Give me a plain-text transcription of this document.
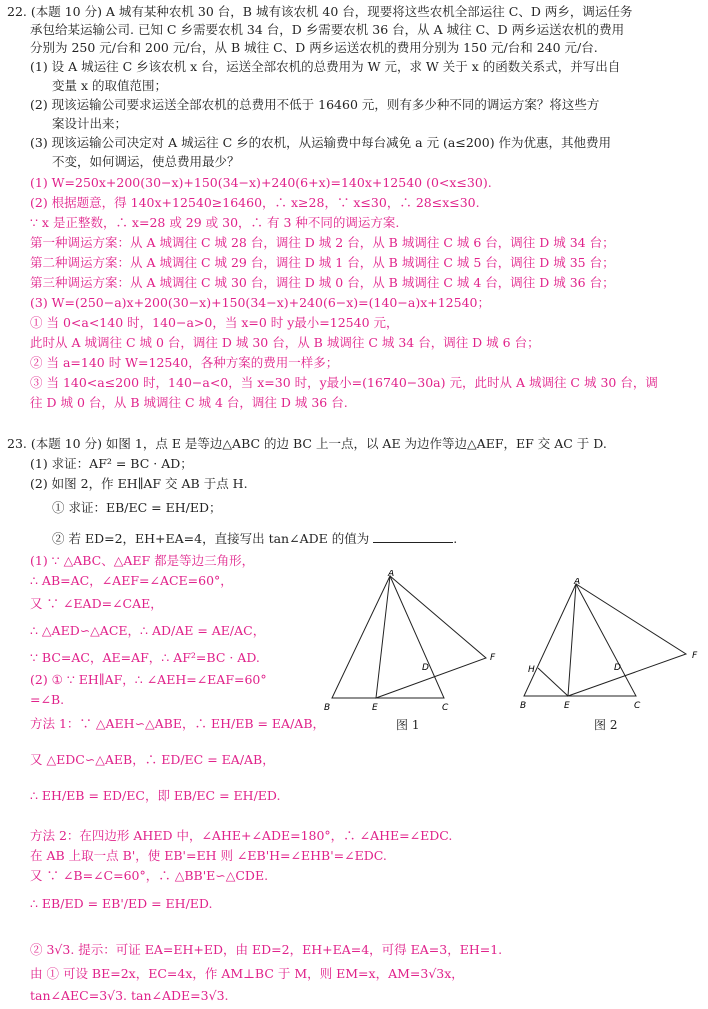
22. (本题 10 分) A 城有某种农机 30 台，B 城有该农机 40 台，现要将这些农机全部运往 C、D 两乡，调运任务
承包给某运输公司. 已知 C 乡需要农机 34 台，D 乡需要农机 36 台，从 A 城往 C、D 两乡运送农机的费用
分别为 250 元/台和 200 元/台，从 B 城往 C、D 两乡运送农机的费用分别为 150 元/台和 240 元/台.
(1) 设 A 城运往 C 乡该农机 x 台，运送全部农机的总费用为 W 元，求 W 关于 x 的函数关系式，并写出自
变量 x 的取值范围；
(2) 现该运输公司要求运送全部农机的总费用不低于 16460 元，则有多少种不同的调运方案？将这些方
案设计出来；
(3) 现该运输公司决定对 A 城运往 C 乡的农机，从运输费中每台减免 a 元 (a≤200) 作为优惠，其他费用
不变，如何调运，使总费用最少？
(1) W=250x+200(30−x)+150(34−x)+240(6+x)=140x+12540 (0<x≤30).
(2) 根据题意，得 140x+12540≥16460，∴ x≥28，∵ x≤30，∴ 28≤x≤30.
∵ x 是正整数，∴ x=28 或 29 或 30，∴ 有 3 种不同的调运方案.
第一种调运方案：从 A 城调往 C 城 28 台，调往 D 城 2 台，从 B 城调往 C 城 6 台，调往 D 城 34 台；
第二种调运方案：从 A 城调往 C 城 29 台，调往 D 城 1 台，从 B 城调往 C 城 5 台，调往 D 城 35 台；
第三种调运方案：从 A 城调往 C 城 30 台，调往 D 城 0 台，从 B 城调往 C 城 4 台，调往 D 城 36 台；
(3) W=(250−a)x+200(30−x)+150(34−x)+240(6−x)=(140−a)x+12540；
① 当 0<a<140 时，140−a>0，当 x=0 时 y最小=12540 元，
此时从 A 城调往 C 城 0 台，调往 D 城 30 台，从 B 城调往 C 城 34 台，调往 D 城 6 台；
② 当 a=140 时 W=12540，各种方案的费用一样多；
③ 当 140<a≤200 时，140−a<0，当 x=30 时，y最小=(16740−30a) 元，此时从 A 城调往 C 城 30 台，调
往 D 城 0 台，从 B 城调往 C 城 4 台，调往 D 城 36 台.
23. (本题 10 分) 如图 1，点 E 是等边△ABC 的边 BC 上一点，以 AE 为边作等边△AEF，EF 交 AC 于 D.
(1) 求证：AF² = BC · AD；
(2) 如图 2，作 EH∥AF 交 AB 于点 H.
① 求证：EB/EC = EH/ED；
② 若 ED=2，EH+EA=4，直接写出 tan∠ADE 的值为	.
(1) ∵ △ABC、△AEF 都是等边三角形，
∴ AB=AC，∠AEF=∠ACE=60°，
又 ∵ ∠EAD=∠CAE，
∴ △AED∽△ACE，∴ AD/AE = AE/AC，
∵ BC=AC，AE=AF，∴ AF²=BC · AD.
(2) ① ∵ EH∥AF，∴ ∠AEH=∠EAF=60°
=∠B.
方法 1：∵ △AEH∽△ABE，∴ EH/EB = EA/AB，
又 △EDC∽△AEB，∴ ED/EC = EA/AB，
∴ EH/EB = ED/EC，即 EB/EC = EH/ED.
方法 2：在四边形 AHED 中，∠AHE+∠ADE=180°，∴ ∠AHE=∠EDC.
在 AB 上取一点 B'，使 EB'=EH 则 ∠EB'H=∠EHB'=∠EDC.
又 ∵ ∠B=∠C=60°，∴ △BB'E∽△CDE.
∴ EB/ED = EB'/ED = EH/ED.
② 3√3. 提示：可证 EA=EH+ED，由 ED=2，EH+EA=4，可得 EA=3，EH=1.
由 ① 可设 BE=2x，EC=4x，作 AM⊥BC 于 M，则 EM=x，AM=3√3x，
tan∠AEC=3√3. tan∠ADE=3√3.
A
B	C
D
E
F
图 1
A
B	C
D
E
F
H
图 2
